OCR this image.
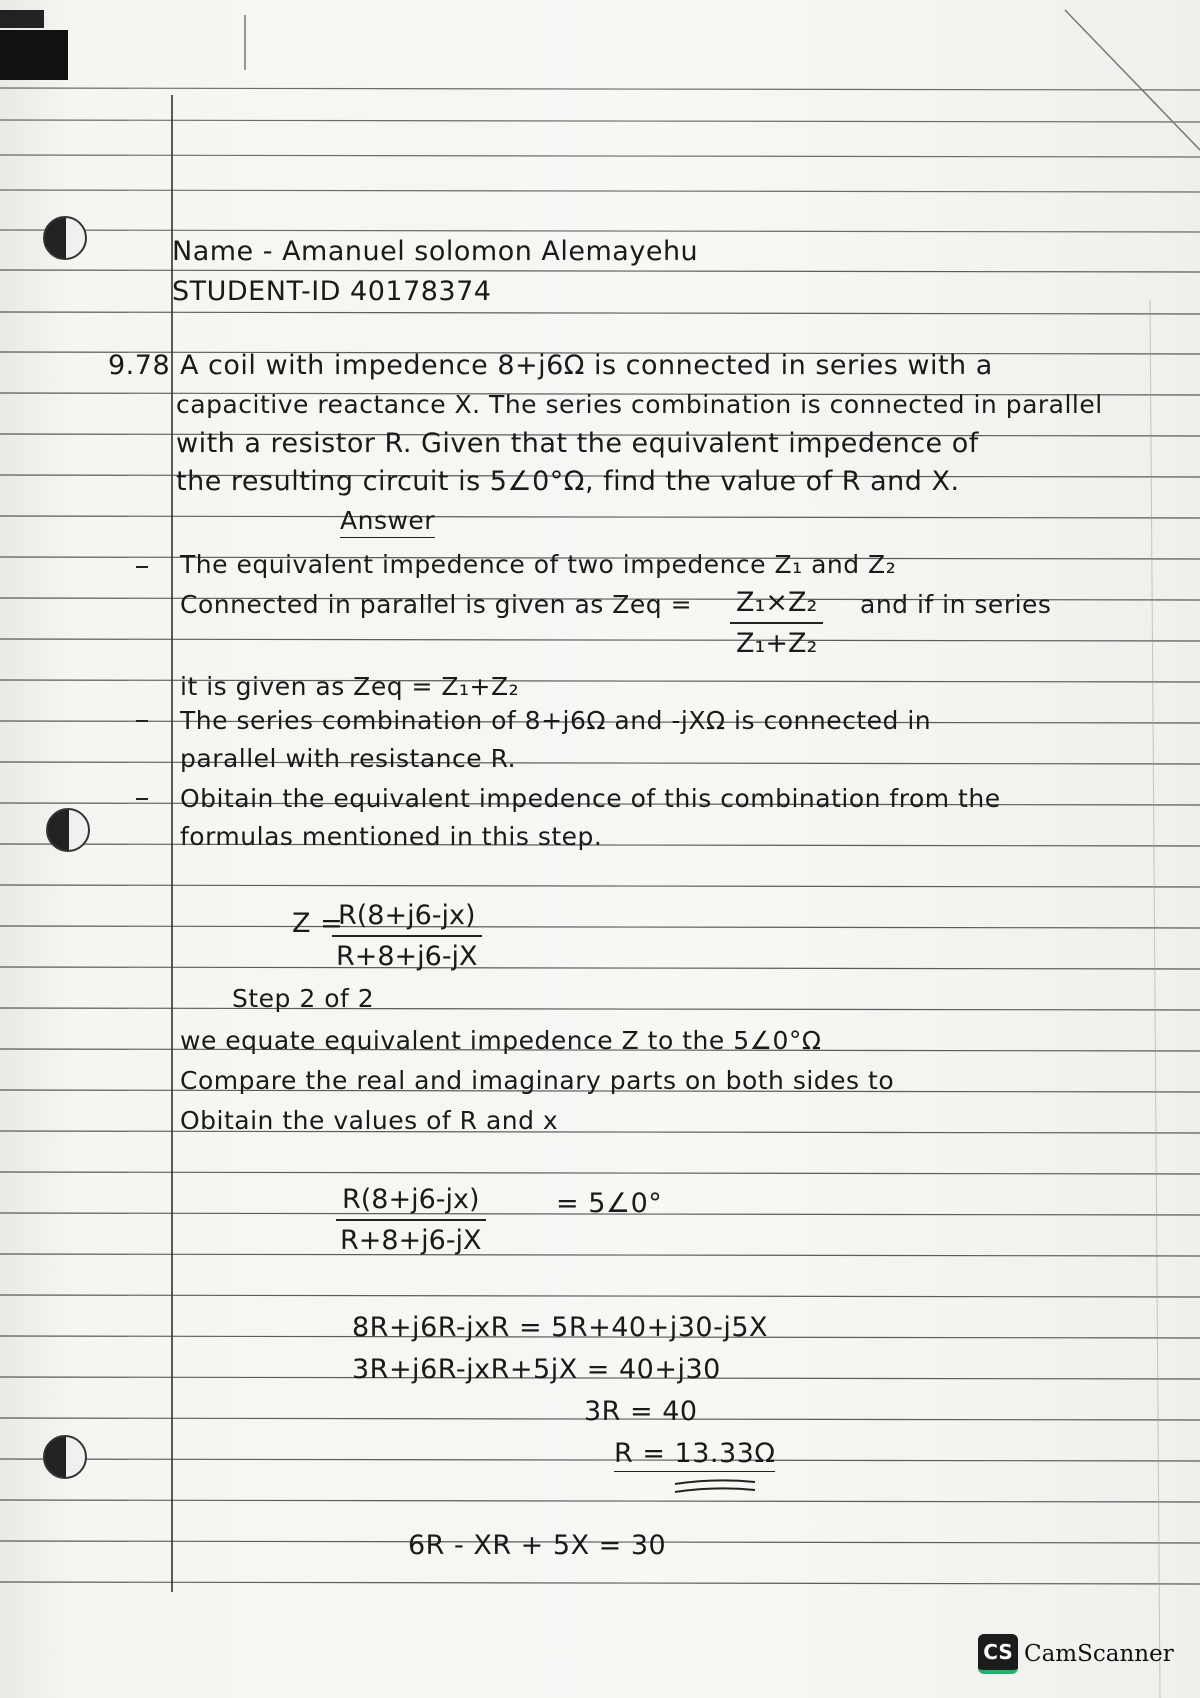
Name - Amanuel solomon Alemayehu
STUDENT-ID 40178374
9.78 A coil with impedence 8+j6Ω is connected in series with a
capacitive reactance X. The series combination is connected in parallel
with a resistor R. Given that the equivalent impedence of
the resulting circuit is 5∠0°Ω, find the value of R and X.
Answer
The equivalent impedence of two impedence Z₁ and Z₂
Connected in parallel is given as Zeq = $\frac{\text{Z₁×Z₂}}{\text{Z₁+Z₂}}$ and if in series
it is given as Zeq = Z₁+Z₂
The series combination of 8+j6Ω and -jXΩ is connected in
parallel with resistance R.
Obitain the equivalent impedence of this combination from the
formulas mentioned in this step.
Z =
$\frac{R(8+j6-jx)}{R+8+j6-jX}$
Step 2 of 2
we equate equivalent impedence Z to the 5∠0°Ω
Compare the real and imaginary parts on both sides to
Obitain the values of R and x
$\frac{R(8+j6-jx)}{R+8+j6-jX}$	= 5∠0°
8R+j6R-jxR = 5R+40+j30-j5X
3R+j6R-jxR+5jX = 40+j30
3R = 40
R = 13.33Ω
6R - XR + 5X = 30
CS CamScanner
